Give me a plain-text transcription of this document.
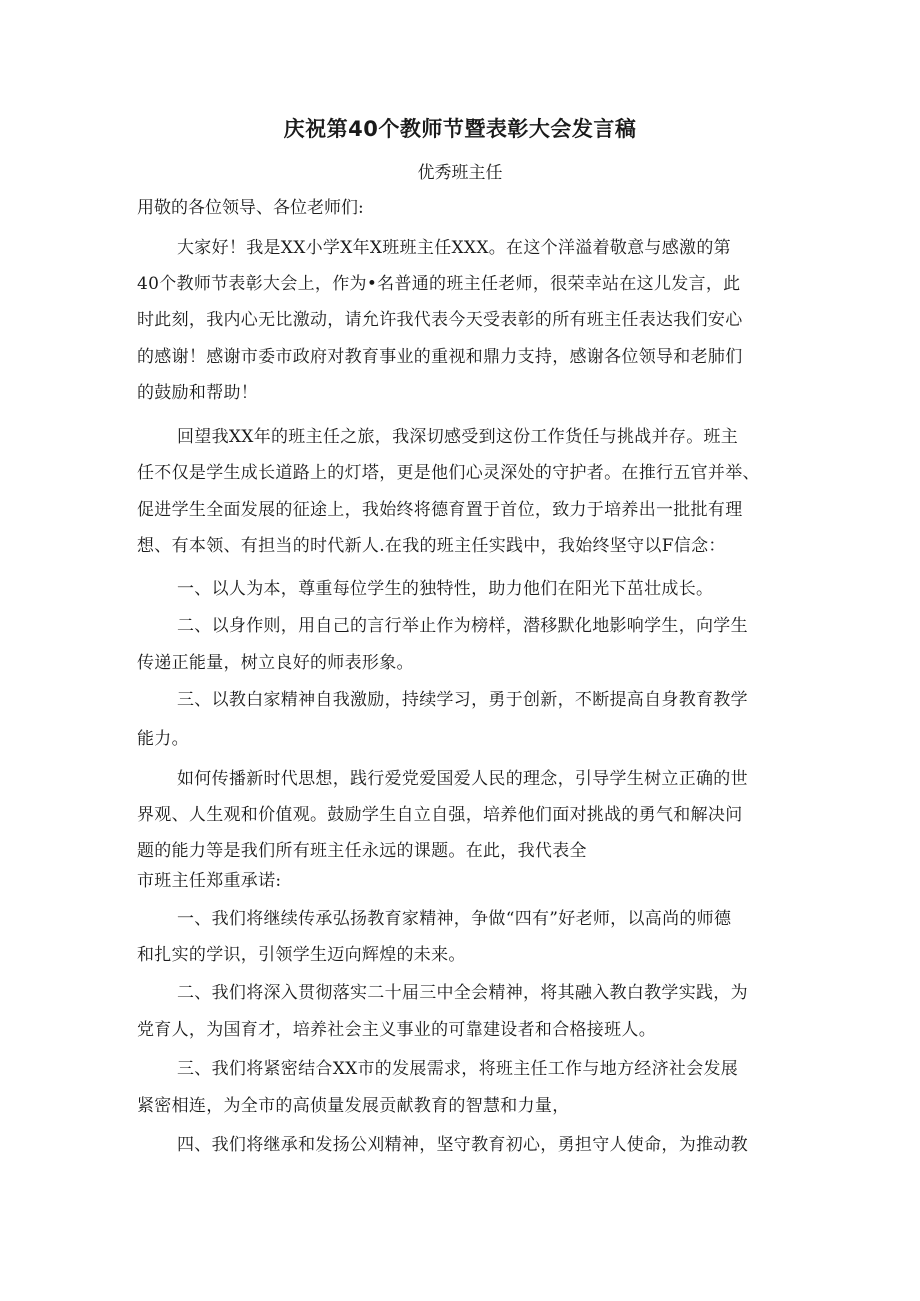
庆祝第40个教师节暨表彰大会发言稿
优秀班主任
用敬的各位领导、各位老师们:
大家好！我是XX小学X年X班班主任XXX。在这个洋溢着敬意与感激的第
40个教师节表彰大会上，作为•名普通的班主任老师，很荣幸站在这儿发言，此
时此刻，我内心无比激动，请允许我代表今天受表彰的所有班主任表达我们安心
的感谢！感谢市委市政府对教育事业的重视和鼎力支持，感谢各位领导和老肺们
的鼓励和帮助！
回望我XX年的班主任之旅，我深切感受到这份工作货任与挑战并存。班主
任不仅是学生成长道路上的灯塔，更是他们心灵深处的守护者。在推行五官并举、
促进学生全面发展的征途上，我始终将德育置于首位，致力于培养出一批批有理
想、有本领、有担当的时代新人.在我的班主任实践中，我始终坚守以F信念：
一、以人为本，尊重每位学生的独特性，助力他们在阳光下茁壮成长。
二、以身作则，用自己的言行举止作为榜样，潜移默化地影响学生，向学生
传递正能量，树立良好的师表形象。
三、以教白家精神自我激励，持续学习，勇于创新，不断提高自身教育教学
能力。
如何传播新时代思想，践行爱党爱国爱人民的理念，引导学生树立正确的世
界观、人生观和价值观。鼓励学生自立自强，培养他们面对挑战的勇气和解决问
题的能力等是我们所有班主任永远的课题。在此，我代表全
市班主任郑重承诺:
一、我们将继续传承弘扬教育家精神，争做“四有”好老师，以高尚的师德
和扎实的学识，引领学生迈向辉煌的未来。
二、我们将深入贯彻落实二十届三中全会精神，将其融入教白教学实践，为
党育人，为国育才，培养社会主义事业的可靠建设者和合格接班人。
三、我们将紧密结合XX市的发展需求，将班主任工作与地方经济社会发展
紧密相连，为全市的高侦量发展贡献教育的智慧和力量，
四、我们将继承和发扬公刈精神，坚守教育初心，勇担守人使命，为推动教
